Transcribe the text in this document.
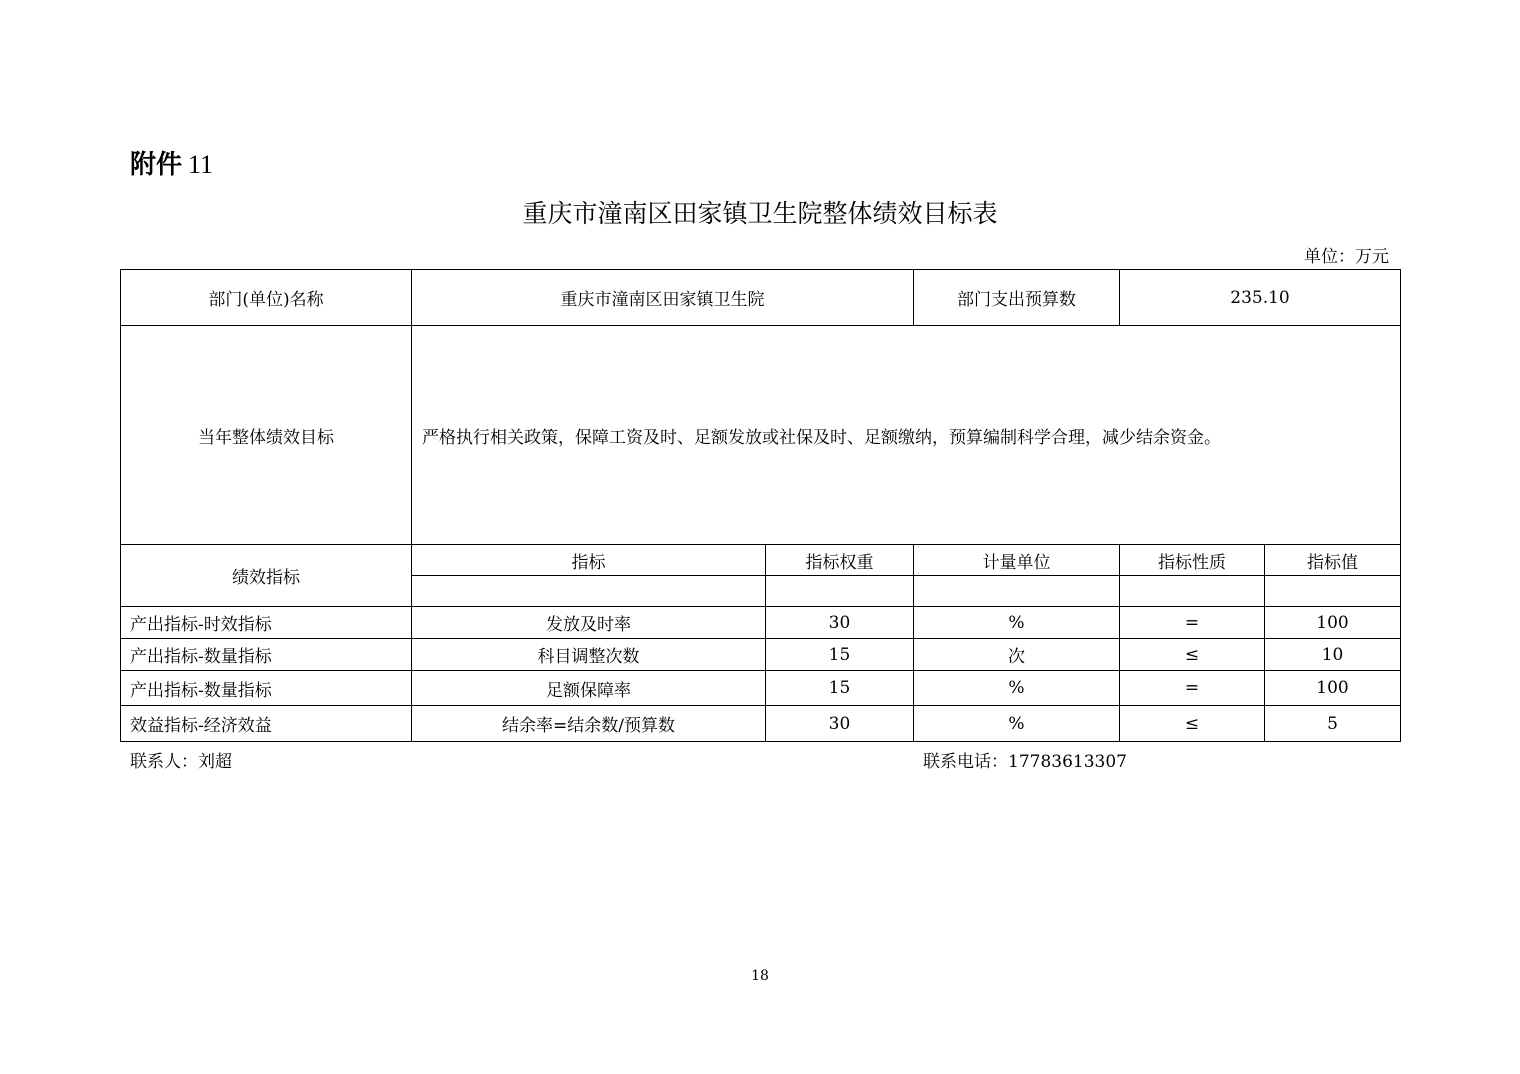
附件 11
重庆市潼南区田家镇卫生院整体绩效目标表
单位：万元
部门(单位)名称	重庆市潼南区田家镇卫生院		部门支出预算数	235.10	
当年整体绩效目标	严格执行相关政策，保障工资及时、足额发放或社保及时、足额缴纳，预算编制科学合理，减少结余资金。				
绩效指标	指标	指标权重	计量单位	指标性质	指标值

产出指标-时效指标	发放及时率	30	%	=	100
产出指标-数量指标	科目调整次数	15	次	≤	10
产出指标-数量指标	足额保障率	15	%	=	100
效益指标-经济效益	结余率=结余数/预算数	30	%	≤	5
联系人：刘超	联系电话：17783613307
18
